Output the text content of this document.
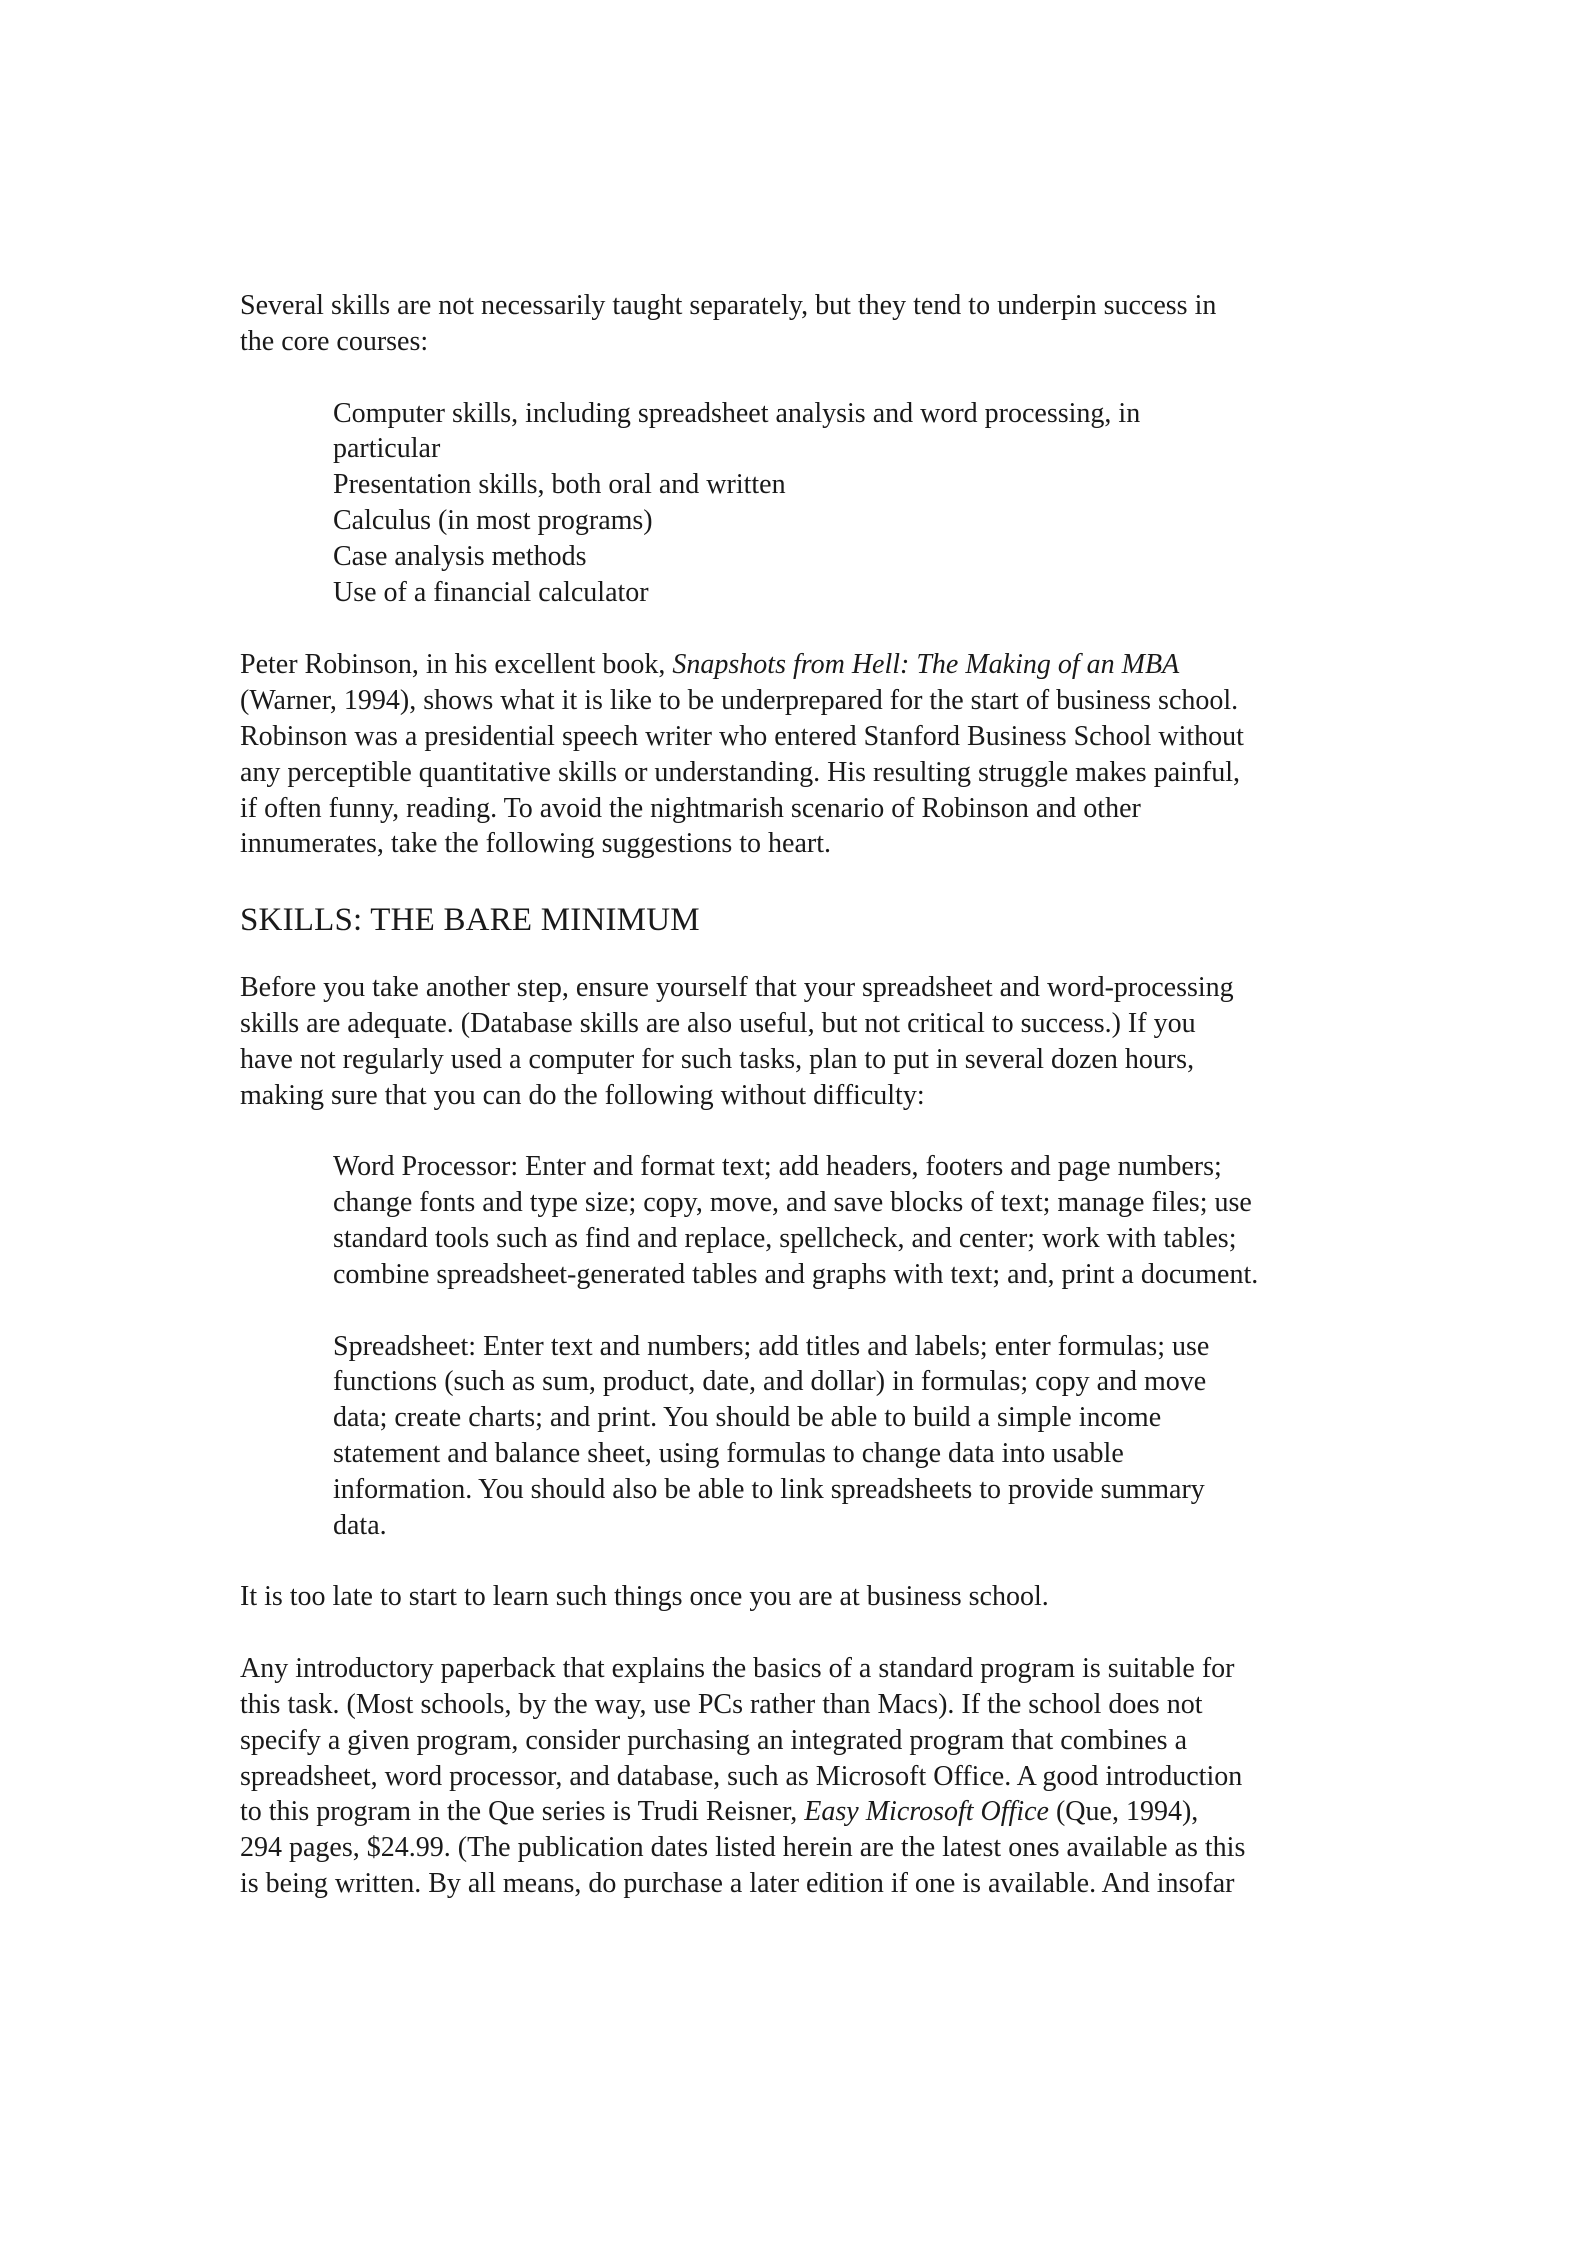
Several skills are not necessarily taught separately, but they tend to underpin success in
the core courses:

Computer skills, including spreadsheet analysis and word processing, in
particular

Presentation skills, both oral and written

Calculus (in most programs)

Case analysis methods

Use of a financial calculator

Peter Robinson, in his excellent book, Snapshots from Hell: The Making of an MBA
(Warner, 1994), shows what it is like to be underprepared for the start of business school.
Robinson was a presidential speech writer who entered Stanford Business School without
any perceptible quantitative skills or understanding. His resulting struggle makes painful,
if often funny, reading. To avoid the nightmarish scenario of Robinson and other
innumerates, take the following suggestions to heart.

SKILLS: THE BARE MINIMUM

Before you take another step, ensure yourself that your spreadsheet and word-processing
skills are adequate. (Database skills are also useful, but not critical to success.) If you
have not regularly used a computer for such tasks, plan to put in several dozen hours,
making sure that you can do the following without difficulty:

Word Processor: Enter and format text; add headers, footers and page numbers;
change fonts and type size; copy, move, and save blocks of text; manage files; use
standard tools such as find and replace, spellcheck, and center; work with tables;
combine spreadsheet-generated tables and graphs with text; and, print a document.

Spreadsheet: Enter text and numbers; add titles and labels; enter formulas; use
functions (such as sum, product, date, and dollar) in formulas; copy and move
data; create charts; and print. You should be able to build a simple income
statement and balance sheet, using formulas to change data into usable
information. You should also be able to link spreadsheets to provide summary
data.

It is too late to start to learn such things once you are at business school.

Any introductory paperback that explains the basics of a standard program is suitable for
this task. (Most schools, by the way, use PCs rather than Macs). If the school does not
specify a given program, consider purchasing an integrated program that combines a
spreadsheet, word processor, and database, such as Microsoft Office. A good introduction
to this program in the Que series is Trudi Reisner, Easy Microsoft Office (Que, 1994),
294 pages, $24.99. (The publication dates listed herein are the latest ones available as this
is being written. By all means, do purchase a later edition if one is available. And insofar
